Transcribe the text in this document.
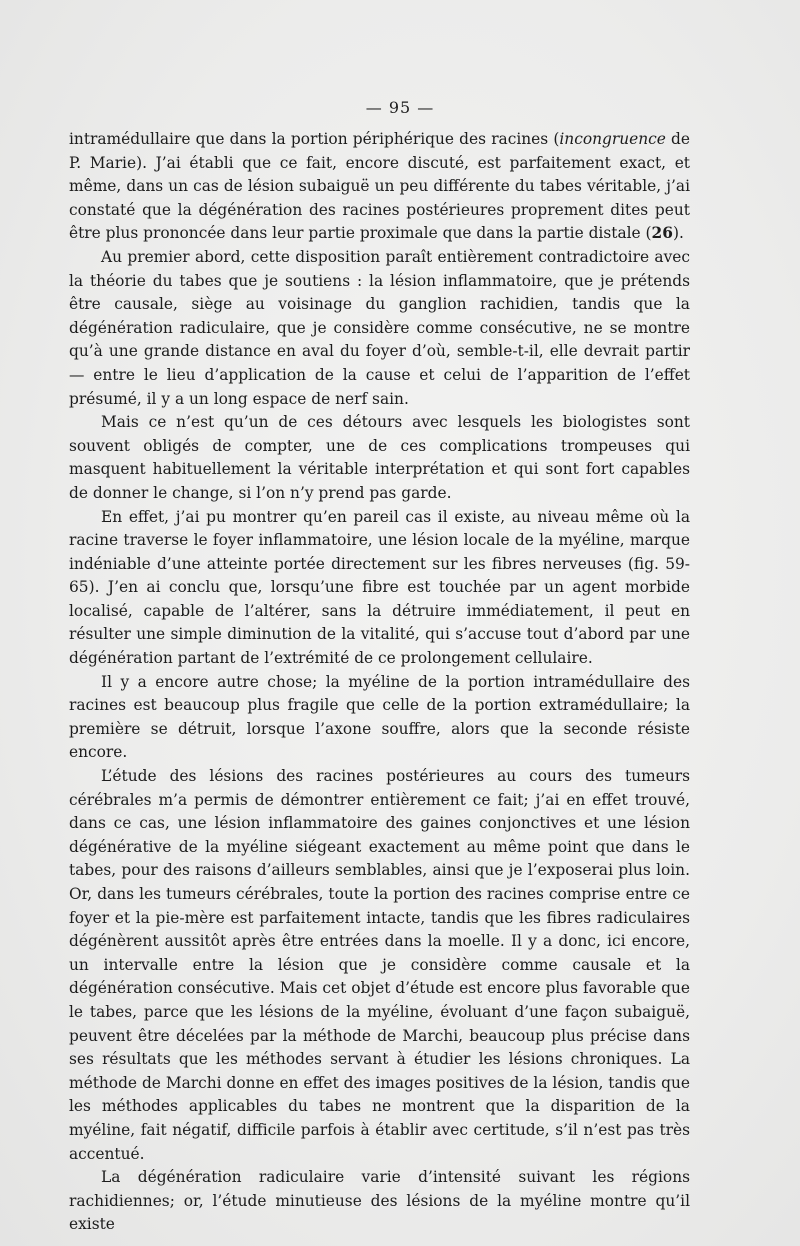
— 95 —

intramédullaire que dans la portion périphérique des racines (incongruence de P. Marie). J’ai établi que ce fait, encore discuté, est parfaitement exact, et même, dans un cas de lésion subaiguë un peu différente du tabes véritable, j’ai constaté que la dégénération des racines postérieures proprement dites peut être plus prononcée dans leur partie proximale que dans la partie distale (26).

Au premier abord, cette disposition paraît entièrement contradictoire avec la théorie du tabes que je soutiens : la lésion inflammatoire, que je prétends être causale, siège au voisinage du ganglion rachidien, tandis que la dégénération radiculaire, que je considère comme consécutive, ne se montre qu’à une grande distance en aval du foyer d’où, semble-t-il, elle devrait partir — entre le lieu d’application de la cause et celui de l’apparition de l’effet présumé, il y a un long espace de nerf sain.

Mais ce n’est qu’un de ces détours avec lesquels les biologistes sont souvent obligés de compter, une de ces complications trompeuses qui masquent habituellement la véritable interprétation et qui sont fort capables de donner le change, si l’on n’y prend pas garde.

En effet, j’ai pu montrer qu’en pareil cas il existe, au niveau même où la racine traverse le foyer inflammatoire, une lésion locale de la myéline, marque indéniable d’une atteinte portée directement sur les fibres nerveuses (fig. 59-65). J’en ai conclu que, lorsqu’une fibre est touchée par un agent morbide localisé, capable de l’altérer, sans la détruire immédiatement, il peut en résulter une simple diminution de la vitalité, qui s’accuse tout d’abord par une dégénération partant de l’extrémité de ce prolongement cellulaire.

Il y a encore autre chose; la myéline de la portion intramédullaire des racines est beaucoup plus fragile que celle de la portion extramédullaire; la première se détruit, lorsque l’axone souffre, alors que la seconde résiste encore.

L’étude des lésions des racines postérieures au cours des tumeurs cérébrales m’a permis de démontrer entièrement ce fait; j’ai en effet trouvé, dans ce cas, une lésion inflammatoire des gaines conjonctives et une lésion dégénérative de la myéline siégeant exactement au même point que dans le tabes, pour des raisons d’ailleurs semblables, ainsi que je l’exposerai plus loin. Or, dans les tumeurs cérébrales, toute la portion des racines comprise entre ce foyer et la pie-mère est parfaitement intacte, tandis que les fibres radiculaires dégénèrent aussitôt après être entrées dans la moelle. Il y a donc, ici encore, un intervalle entre la lésion que je considère comme causale et la dégénération consécutive. Mais cet objet d’étude est encore plus favorable que le tabes, parce que les lésions de la myéline, évoluant d’une façon subaiguë, peuvent être décelées par la méthode de Marchi, beaucoup plus précise dans ses résultats que les méthodes servant à étudier les lésions chroniques. La méthode de Marchi donne en effet des images positives de la lésion, tandis que les méthodes applicables du tabes ne montrent que la disparition de la myéline, fait négatif, difficile parfois à établir avec certitude, s’il n’est pas très accentué.

La dégénération radiculaire varie d’intensité suivant les régions rachidiennes; or, l’étude minutieuse des lésions de la myéline montre qu’il existe
